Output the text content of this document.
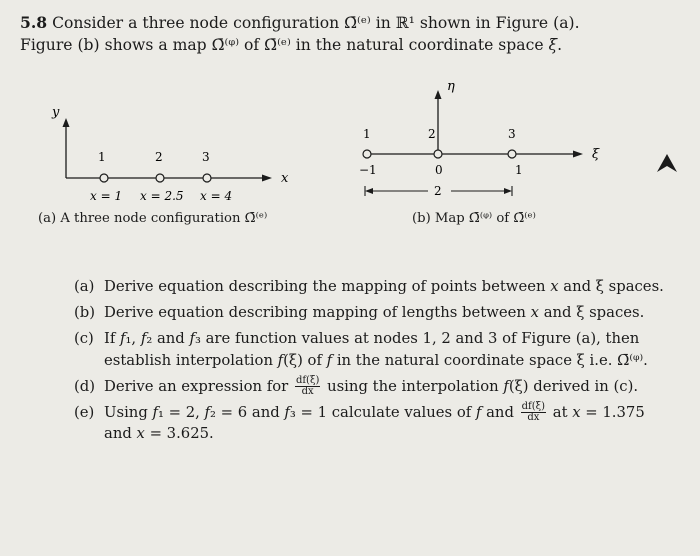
5.8 Consider a three node configuration Ω̄⁽ᵉ⁾ in ℝ¹ shown in Figure (a).
Figure (b) shows a map Ω̄⁽ᵠ⁾ of Ω̄⁽ᵉ⁾ in the natural coordinate space ξ.
y
x
1	2	3
x = 1 x = 2.5 x = 4
η
ξ
1	2	3
−1	0	1
2
(a) A three node configuration Ω̄⁽ᵉ⁾	(b) Map Ω̄⁽ᵠ⁾ of Ω̄⁽ᵉ⁾
(a) Derive equation describing the mapping of points between 𝑥 and ξ spaces.
(b) Derive equation describing mapping of lengths between 𝑥 and ξ spaces.
(c) If 𝑓₁, 𝑓₂ and 𝑓₃ are function values at nodes 1, 2 and 3 of Figure (a), then establish interpolation 𝑓(ξ) of 𝑓 in the natural coordinate space ξ i.e. Ω̄⁽ᵠ⁾.
(d) Derive an expression for $\frac{df(\xi)}{dx}$ using the interpolation 𝑓(ξ) derived in (c).
(e) Using 𝑓₁ = 2, 𝑓₂ = 6 and 𝑓₃ = 1 calculate values of 𝑓 and $\frac{df(\xi)}{dx}$ at 𝑥 = 1.375 and 𝑥 = 3.625.
